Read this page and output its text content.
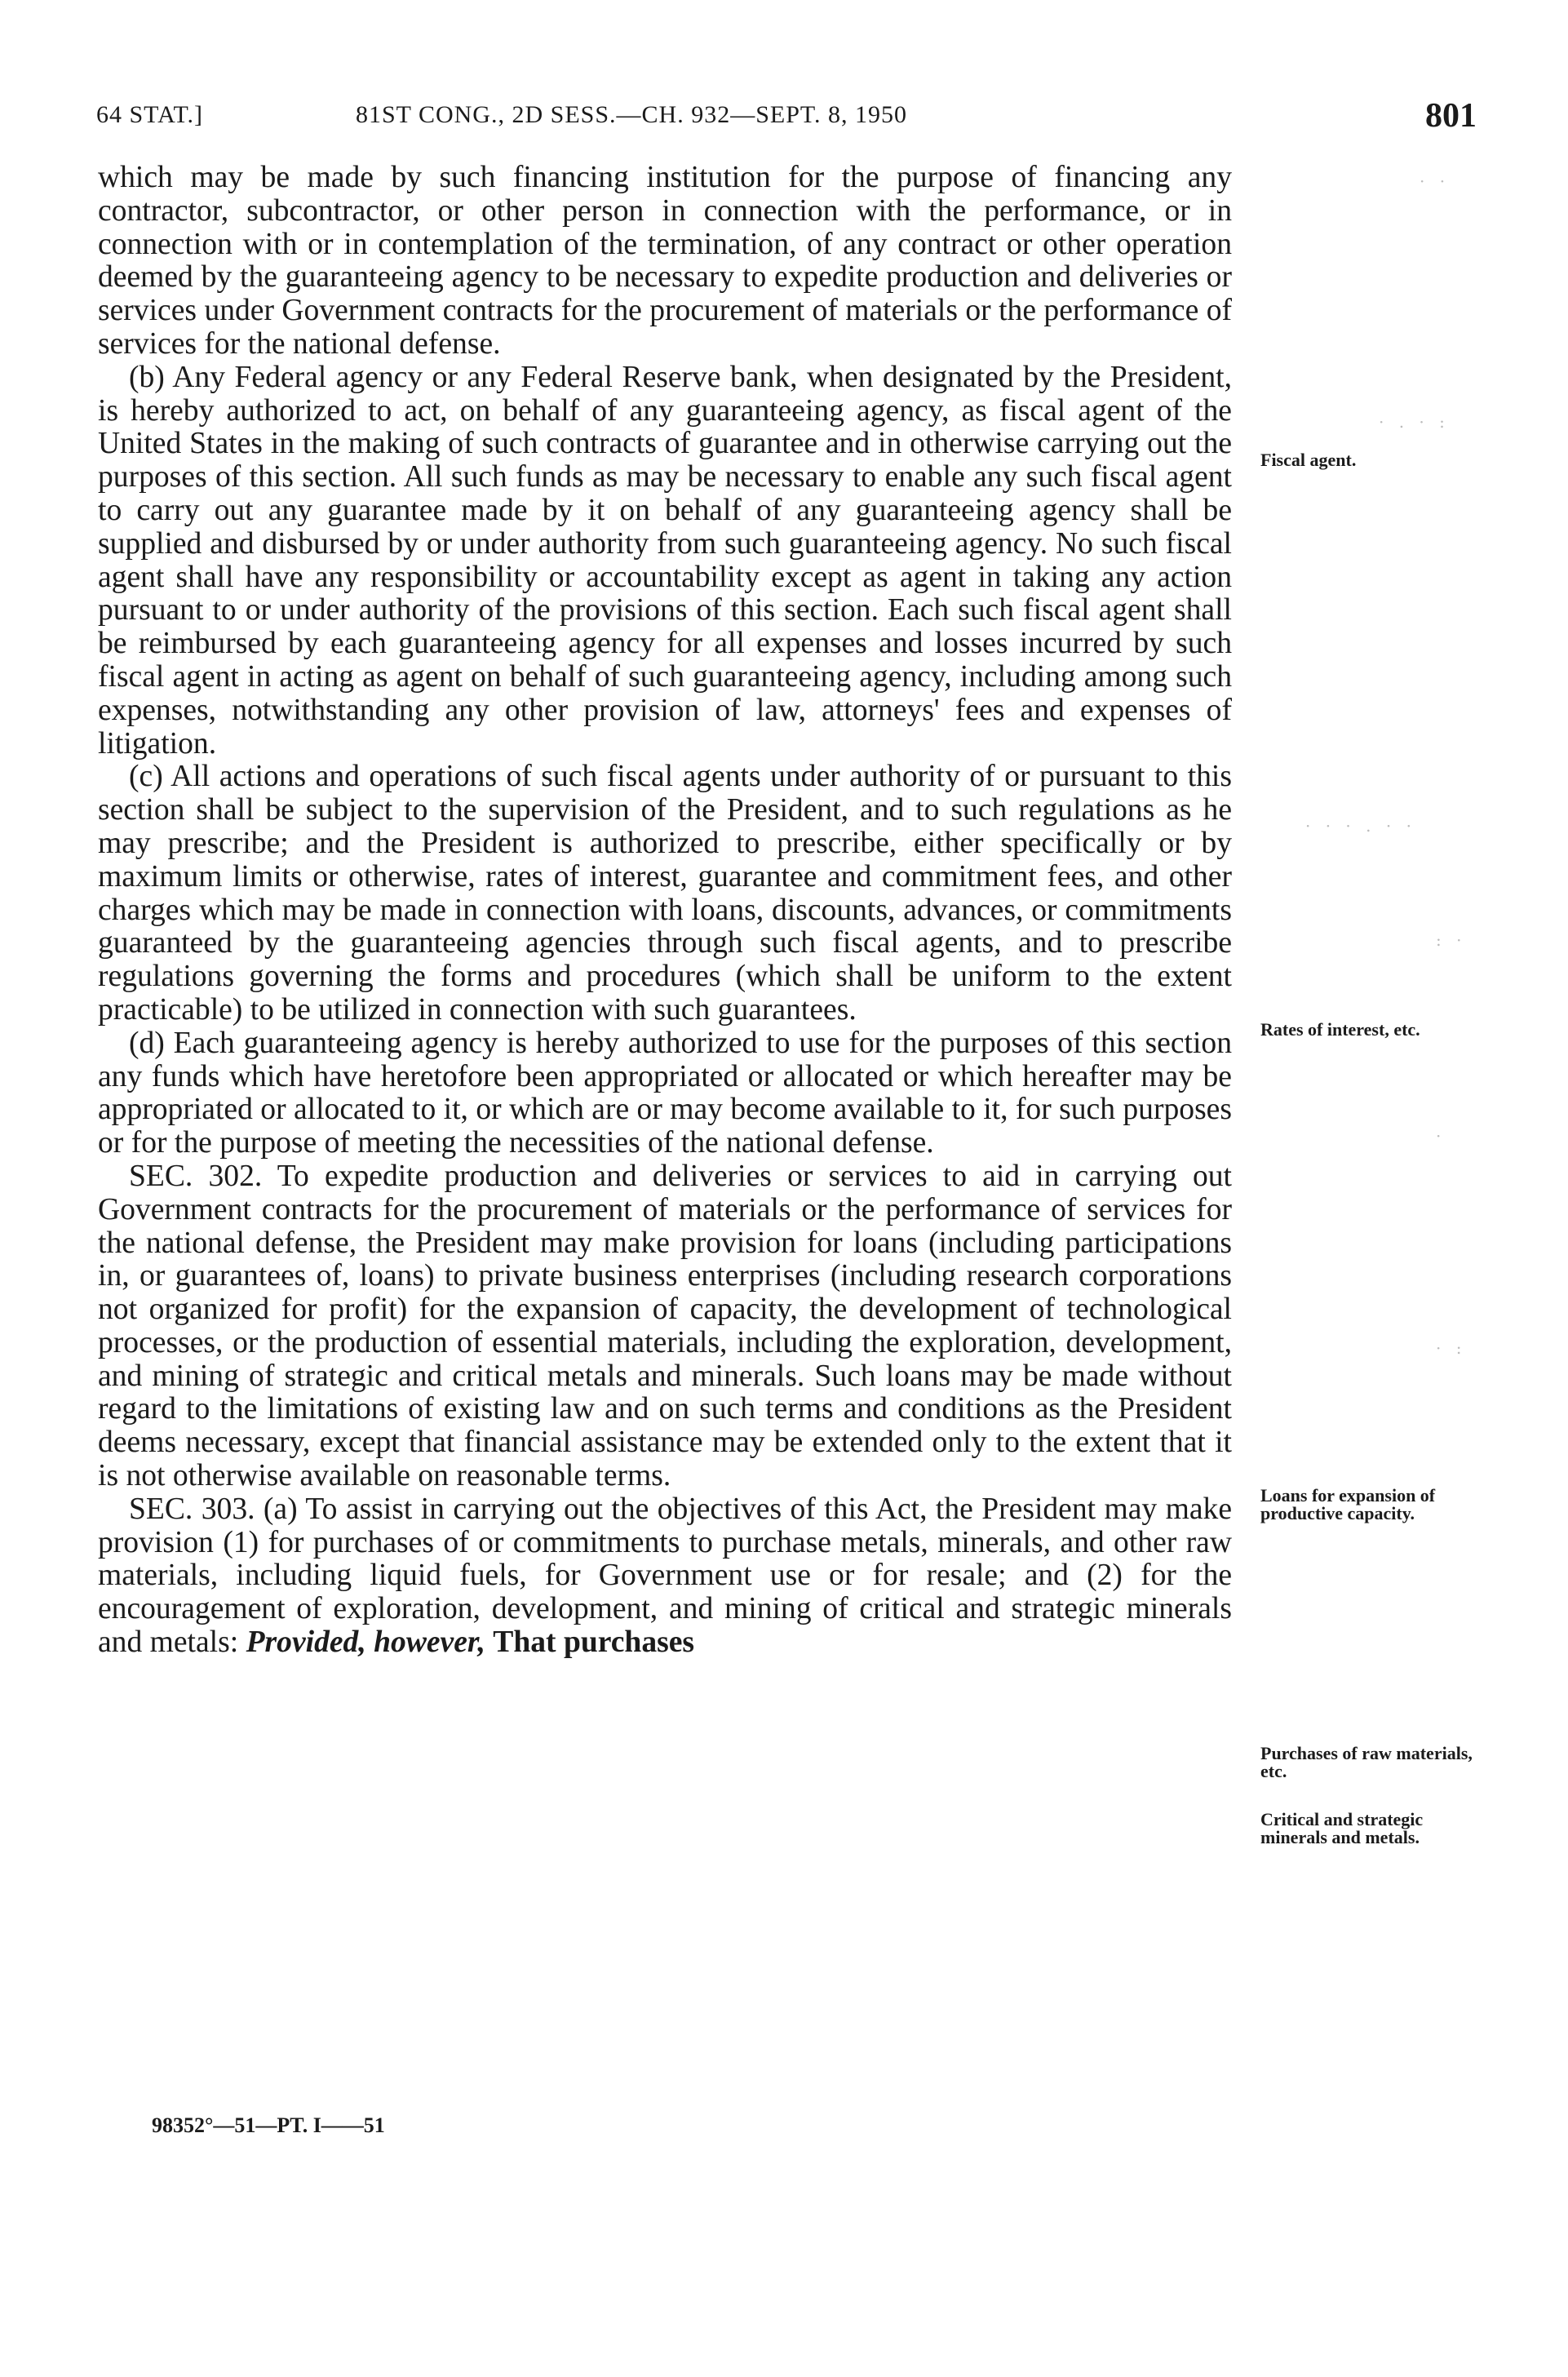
64 STAT.]	81ST CONG., 2D SESS.—CH. 932—SEPT. 8, 1950	801

which may be made by such financing institution for the purpose of financing any contractor, subcontractor, or other person in connection with the performance, or in connection with or in contemplation of the termination, of any contract or other operation deemed by the guaranteeing agency to be necessary to expedite production and deliveries or services under Government contracts for the procurement of materials or the performance of services for the national defense.

(b) Any Federal agency or any Federal Reserve bank, when designated by the President, is hereby authorized to act, on behalf of any guaranteeing agency, as fiscal agent of the United States in the making of such contracts of guarantee and in otherwise carrying out the purposes of this section. All such funds as may be necessary to enable any such fiscal agent to carry out any guarantee made by it on behalf of any guaranteeing agency shall be supplied and disbursed by or under authority from such guaranteeing agency. No such fiscal agent shall have any responsibility or accountability except as agent in taking any action pursuant to or under authority of the provisions of this section. Each such fiscal agent shall be reimbursed by each guaranteeing agency for all expenses and losses incurred by such fiscal agent in acting as agent on behalf of such guaranteeing agency, including among such expenses, notwithstanding any other provision of law, attorneys' fees and expenses of litigation.

(c) All actions and operations of such fiscal agents under authority of or pursuant to this section shall be subject to the supervision of the President, and to such regulations as he may prescribe; and the President is authorized to prescribe, either specifically or by maximum limits or otherwise, rates of interest, guarantee and commitment fees, and other charges which may be made in connection with loans, discounts, advances, or commitments guaranteed by the guaranteeing agencies through such fiscal agents, and to prescribe regulations governing the forms and procedures (which shall be uniform to the extent practicable) to be utilized in connection with such guarantees.

(d) Each guaranteeing agency is hereby authorized to use for the purposes of this section any funds which have heretofore been appropriated or allocated or which hereafter may be appropriated or allocated to it, or which are or may become available to it, for such purposes or for the purpose of meeting the necessities of the national defense.

SEC. 302. To expedite production and deliveries or services to aid in carrying out Government contracts for the procurement of materials or the performance of services for the national defense, the President may make provision for loans (including participations in, or guarantees of, loans) to private business enterprises (including research corporations not organized for profit) for the expansion of capacity, the development of technological processes, or the production of essential materials, including the exploration, development, and mining of strategic and critical metals and minerals. Such loans may be made without regard to the limitations of existing law and on such terms and conditions as the President deems necessary, except that financial assistance may be extended only to the extent that it is not otherwise available on reasonable terms.

SEC. 303. (a) To assist in carrying out the objectives of this Act, the President may make provision (1) for purchases of or commitments to purchase metals, minerals, and other raw materials, including liquid fuels, for Government use or for resale; and (2) for the encouragement of exploration, development, and mining of critical and strategic minerals and metals: Provided, however, That purchases

Fiscal agent.
Rates of interest, etc.
Loans for expansion of productive capacity.
Purchases of raw materials, etc.
Critical and strategic minerals and metals.
· ·
· . · :
· · · . · ·
: ·
·
· :
98352°—51—PT. I——51
